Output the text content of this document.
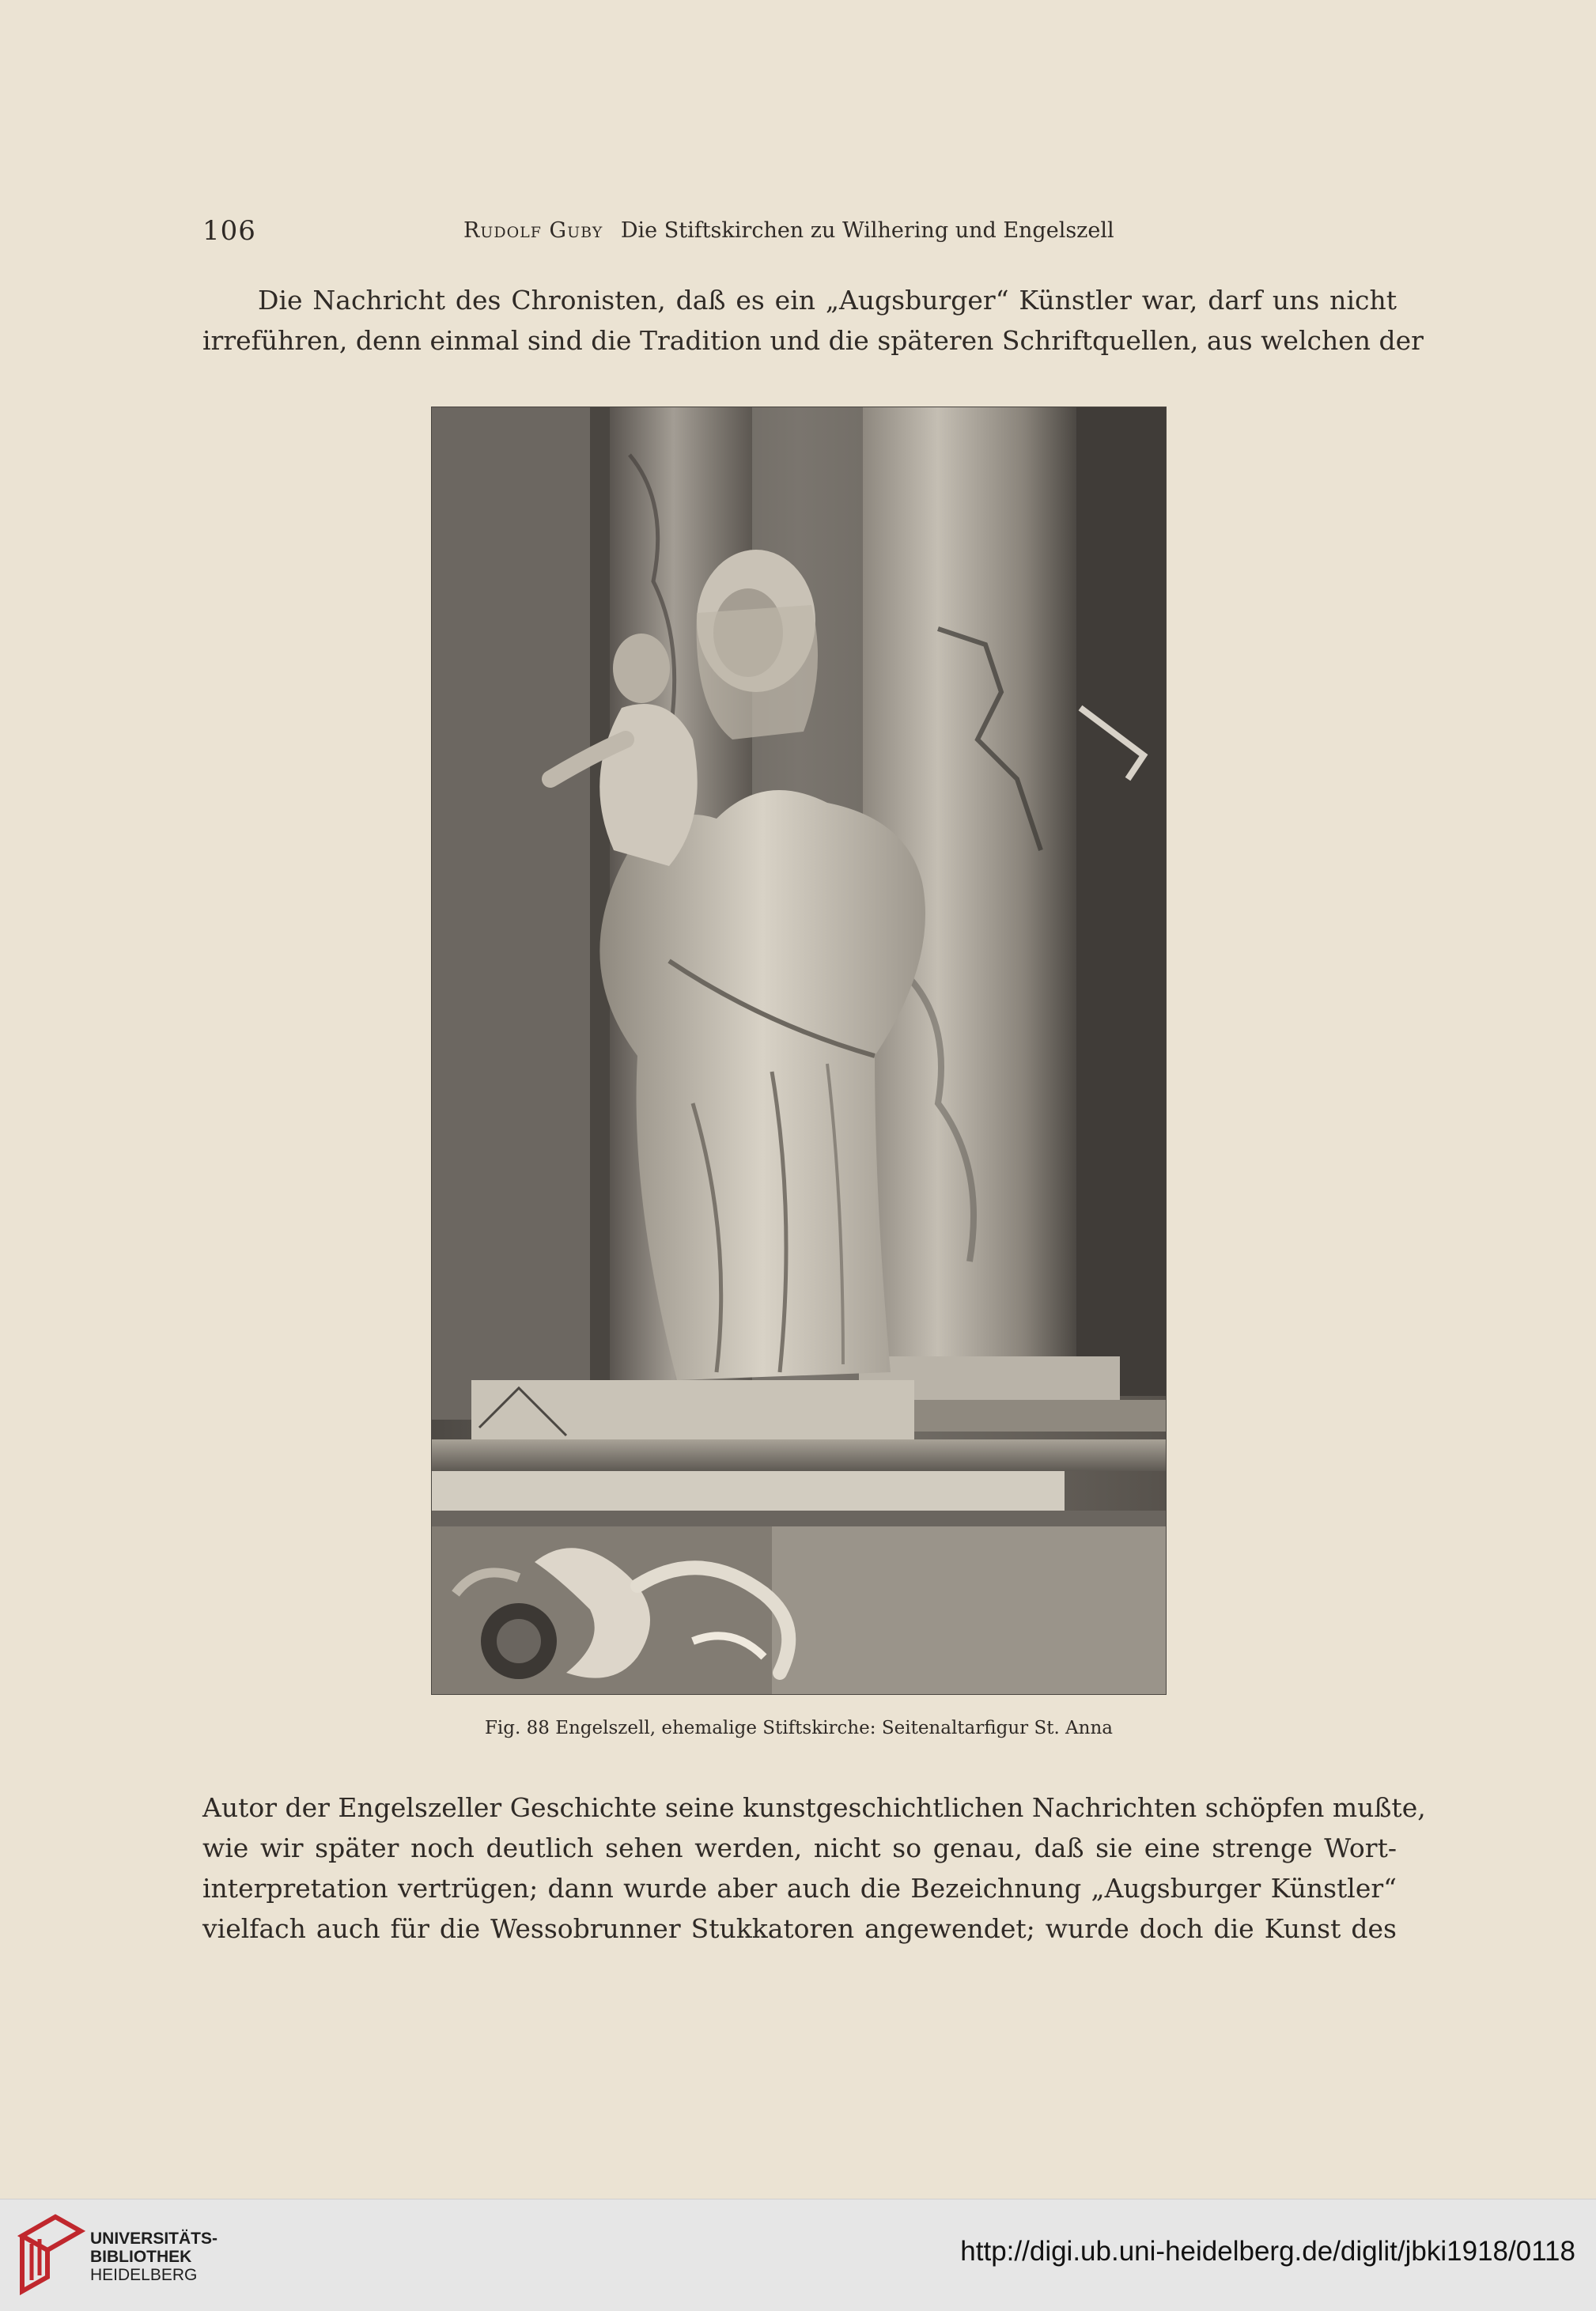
106	Rudolf Guby Die Stiftskirchen zu Wilhering und Engelszell
Die Nachricht des Chronisten, daß es ein „Augsburger“ Künstler war, darf uns nicht
irreführen, denn einmal sind die Tradition und die späteren Schriftquellen, aus welchen der
Fig. 88 Engelszell, ehemalige Stiftskirche: Seitenaltarfigur St. Anna
Autor der Engelszeller Geschichte seine kunstgeschichtlichen Nachrichten schöpfen mußte,
wie wir später noch deutlich sehen werden, nicht so genau, daß sie eine strenge Wort-
interpretation vertrügen; dann wurde aber auch die Bezeichnung „Augsburger Künstler“
vielfach auch für die Wessobrunner Stukkatoren angewendet; wurde doch die Kunst des
UNIVERSITÄTS-
BIBLIOTHEK
HEIDELBERG
http://digi.ub.uni-heidelberg.de/diglit/jbki1918/0118
